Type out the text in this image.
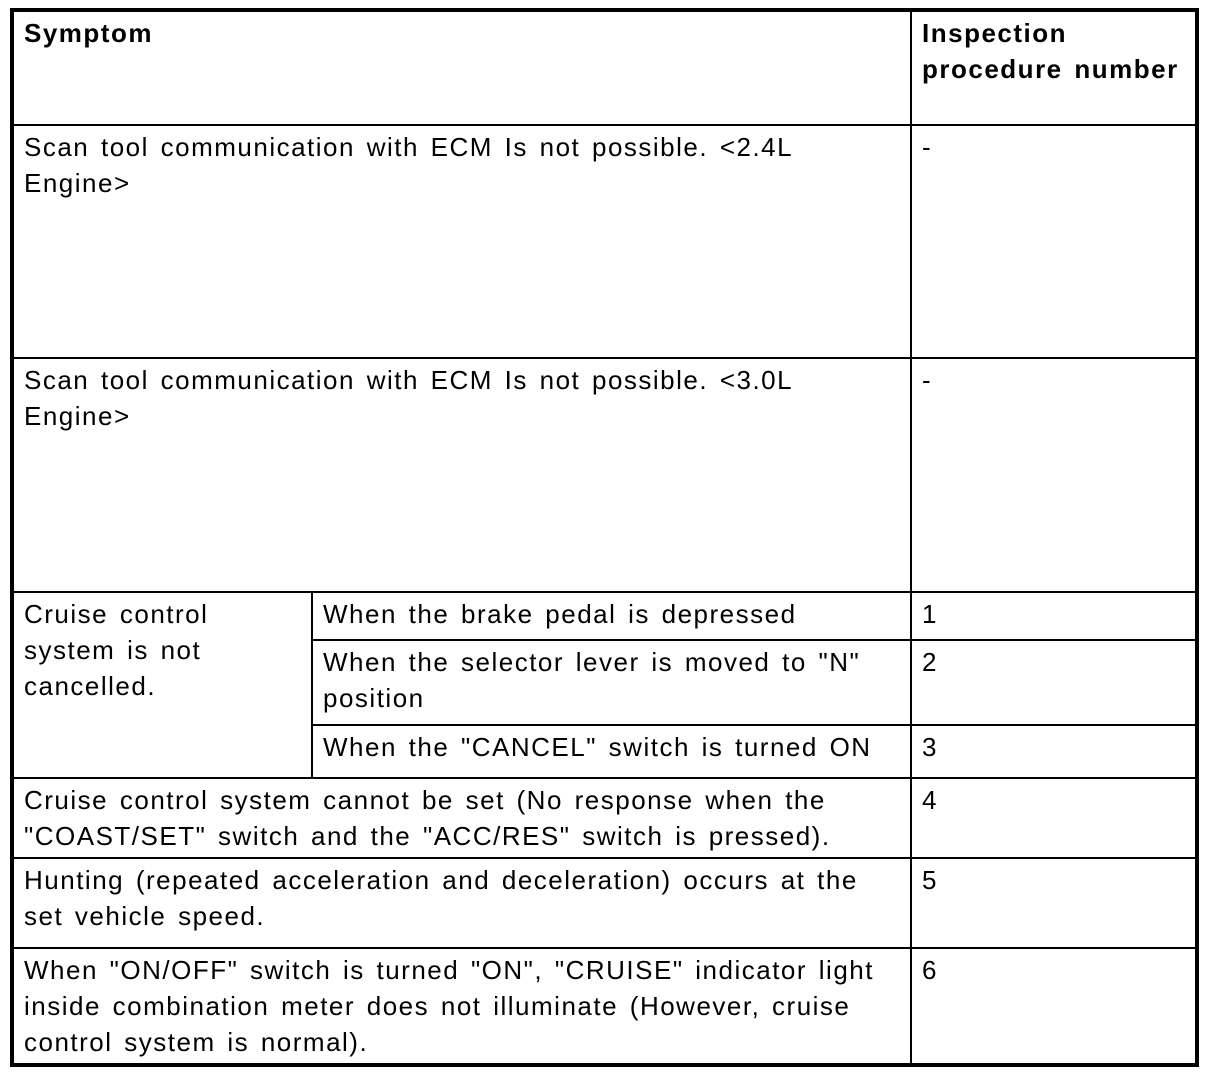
Symptom		Inspection procedure number
Scan tool communication with ECM Is not possible. <2.4L Engine>		-
Scan tool communication with ECM Is not possible. <3.0L Engine>		-
Cruise control system is not cancelled.	When the brake pedal is depressed	1
	When the selector lever is moved to "N" position	2
	When the "CANCEL" switch is turned ON	3
Cruise control system cannot be set (No response when the "COAST/SET" switch and the "ACC/RES" switch is pressed).		4
Hunting (repeated acceleration and deceleration) occurs at the set vehicle speed.		5
When "ON/OFF" switch is turned "ON", "CRUISE" indicator light inside combination meter does not illuminate (However, cruise control system is normal).		6
